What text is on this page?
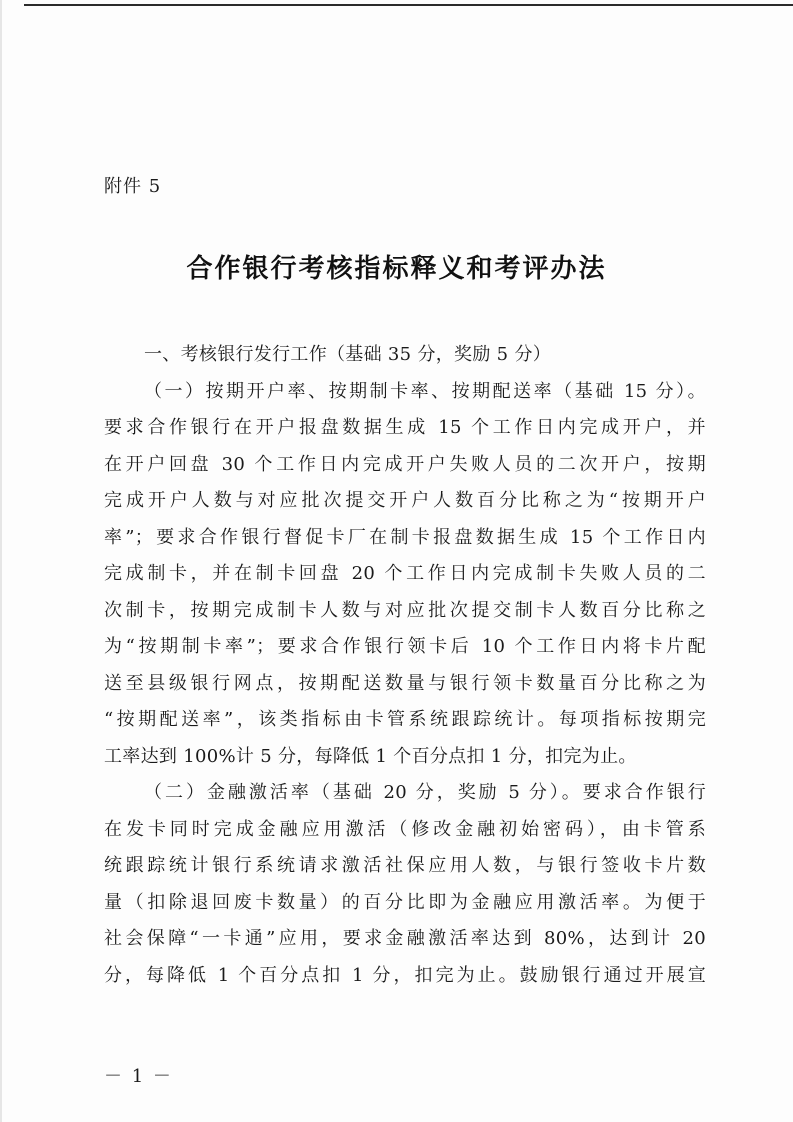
附件 5
合作银行考核指标释义和考评办法
一、考核银行发行工作（基础 35 分，奖励 5 分）
（一）按期开户率、按期制卡率、按期配送率（基础 15 分）。
要求合作银行在开户报盘数据生成 15 个工作日内完成开户，并
在开户回盘 30 个工作日内完成开户失败人员的二次开户，按期
完成开户人数与对应批次提交开户人数百分比称之为“按期开户
率”；要求合作银行督促卡厂在制卡报盘数据生成 15 个工作日内
完成制卡，并在制卡回盘 20 个工作日内完成制卡失败人员的二
次制卡，按期完成制卡人数与对应批次提交制卡人数百分比称之
为“按期制卡率”；要求合作银行领卡后 10 个工作日内将卡片配
送至县级银行网点，按期配送数量与银行领卡数量百分比称之为
“按期配送率”，该类指标由卡管系统跟踪统计。每项指标按期完
工率达到 100%计 5 分，每降低 1 个百分点扣 1 分，扣完为止。
（二）金融激活率（基础 20 分，奖励 5 分）。要求合作银行
在发卡同时完成金融应用激活（修改金融初始密码），由卡管系
统跟踪统计银行系统请求激活社保应用人数，与银行签收卡片数
量（扣除退回废卡数量）的百分比即为金融应用激活率。为便于
社会保障“一卡通”应用，要求金融激活率达到 80%，达到计 20
分，每降低 1 个百分点扣 1 分，扣完为止。鼓励银行通过开展宣
－ 1 －
